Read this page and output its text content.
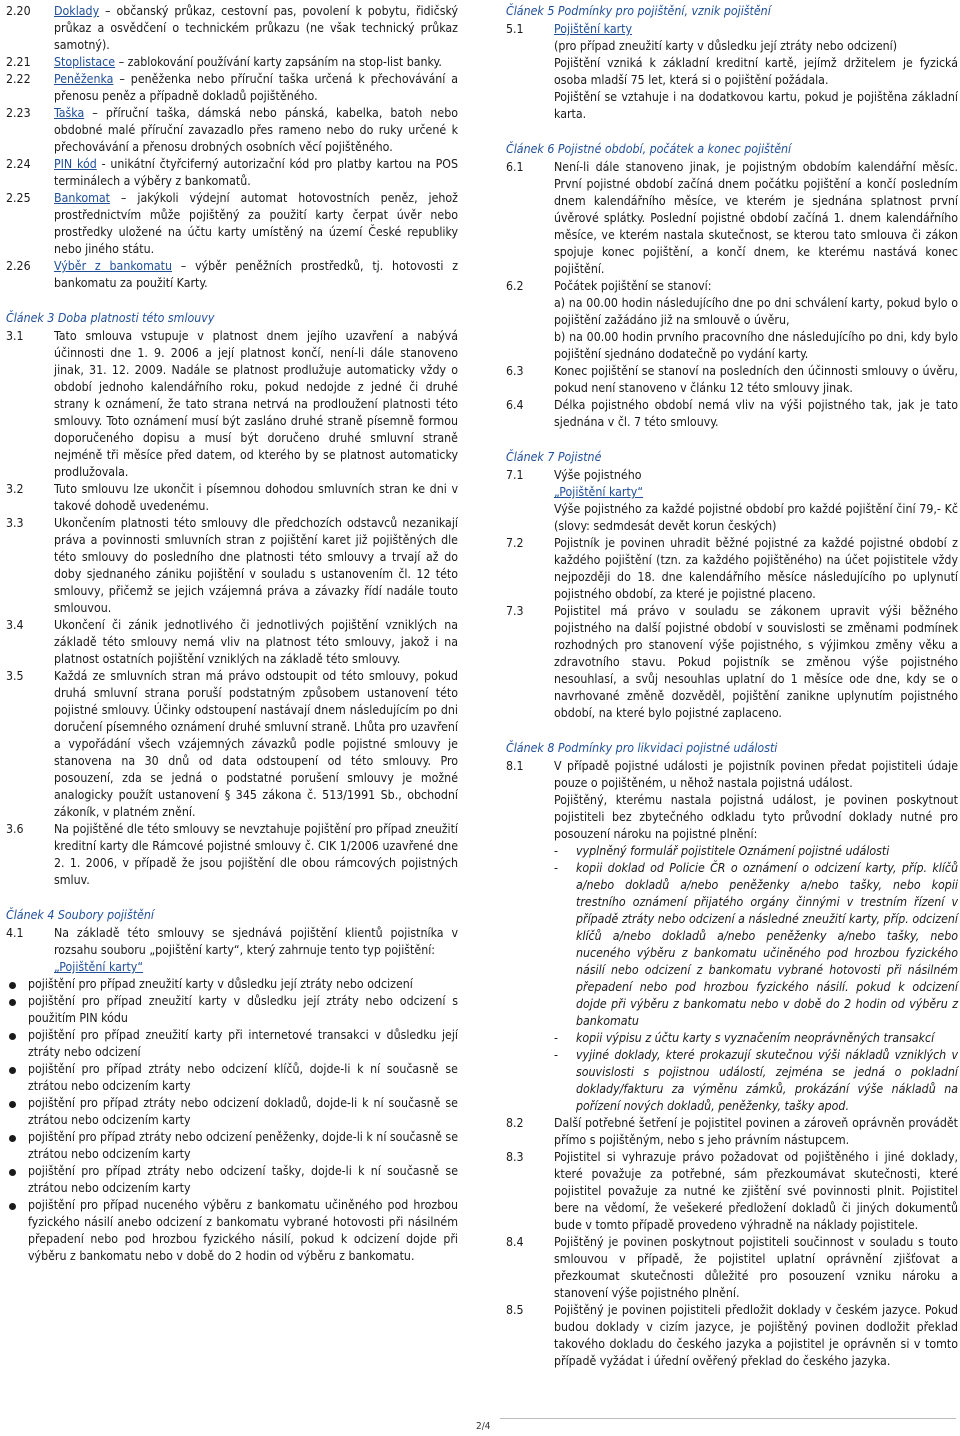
2.20	Doklady – občanský průkaz, cestovní pas, povolení k pobytu, řidičský průkaz a osvědčení o technickém průkazu (ne však technický průkaz samotný).
2.21	Stoplistace – zablokování používání karty zapsáním na stop-list banky.
2.22	Peněženka – peněženka nebo příruční taška určená k přechovávání a přenosu peněz a případně dokladů pojištěného.
2.23	Taška – příruční taška, dámská nebo pánská, kabelka, batoh nebo obdobné malé příruční zavazadlo přes rameno nebo do ruky určené k přechovávání a přenosu drobných osobních věcí pojištěného.
2.24	PIN kód - unikátní čtyřciferný autorizační kód pro platby kartou na POS terminálech a výběry z bankomatů.
2.25	Bankomat – jakýkoli výdejní automat hotovostních peněz, jehož prostřednictvím může pojištěný za použití karty čerpat úvěr nebo prostředky uložené na účtu karty umístěný na území České republiky nebo jiného státu.
2.26	Výběr z bankomatu – výběr peněžních prostředků, tj. hotovosti z bankomatu za použití Karty.
Článek 3 Doba platnosti této smlouvy
3.1	Tato smlouva vstupuje v platnost dnem jejího uzavření a nabývá účinnosti dne 1. 9. 2006 a její platnost končí, není-li dále stanoveno jinak, 31. 12. 2009. Nadále se platnost prodlužuje automaticky vždy o období jednoho kalendářního roku, pokud nedojde z jedné či druhé strany k oznámení, že tato strana netrvá na prodloužení platnosti této smlouvy. Toto oznámení musí být zasláno druhé straně písemně formou doporučeného dopisu a musí být doručeno druhé smluvní straně nejméně tři měsíce před datem, od kterého by se platnost automaticky prodlužovala.
3.2	Tuto smlouvu lze ukončit i písemnou dohodou smluvních stran ke dni v takové dohodě uvedenému.
3.3	Ukončením platnosti této smlouvy dle předchozích odstavců nezanikají práva a povinnosti smluvních stran z pojištění karet již pojištěných dle této smlouvy do posledního dne platnosti této smlouvy a trvají až do doby sjednaného zániku pojištění v souladu s ustanovením čl. 12 této smlouvy, přičemž se jejich vzájemná práva a závazky řídí nadále touto smlouvou.
3.4	Ukončení či zánik jednotlivého či jednotlivých pojištění vzniklých na základě této smlouvy nemá vliv na platnost této smlouvy, jakož i na platnost ostatních pojištění vzniklých na základě této smlouvy.
3.5	Každá ze smluvních stran má právo odstoupit od této smlouvy, pokud druhá smluvní strana poruší podstatným způsobem ustanovení této pojistné smlouvy. Účinky odstoupení nastávají dnem následujícím po dni doručení písemného oznámení druhé smluvní straně. Lhůta pro uzavření a vypořádání všech vzájemných závazků podle pojistné smlouvy je stanovena na 30 dnů od data odstoupení od této smlouvy. Pro posouzení, zda se jedná o podstatné porušení smlouvy je možné analogicky použít ustanovení § 345 zákona č. 513/1991 Sb., obchodní zákoník, v platném znění.
3.6	Na pojištěné dle této smlouvy se nevztahuje pojištění pro případ zneužití kreditní karty dle Rámcové pojistné smlouvy č. CIK 1/2006 uzavřené dne 2. 1. 2006, v případě že jsou pojištění dle obou rámcových pojistných smluv.
Článek 4 Soubory pojištění
4.1	Na základě této smlouvy se sjednává pojištění klientů pojistníka v rozsahu souboru „pojištění karty“, který zahrnuje tento typ pojištění:

„Pojištění karty“

pojištění pro případ zneužití karty v důsledku její ztráty nebo odcizení
pojištění pro případ zneužití karty v důsledku její ztráty nebo odcizení s použitím PIN kódu
pojištění pro případ zneužití karty při internetové transakci v důsledku její ztráty nebo odcizení
pojištění pro případ ztráty nebo odcizení klíčů, dojde-li k ní současně se ztrátou nebo odcizením karty
pojištění pro případ ztráty nebo odcizení dokladů, dojde-li k ní současně se ztrátou nebo odcizením karty
pojištění pro případ ztráty nebo odcizení peněženky, dojde-li k ní současně se ztrátou nebo odcizením karty
pojištění pro případ ztráty nebo odcizení tašky, dojde-li k ní současně se ztrátou nebo odcizením karty
pojištění pro případ nuceného výběru z bankomatu učiněného pod hrozbou fyzického násilí anebo odcizení z bankomatu vybrané hotovosti při násilném přepadení nebo pod hrozbou fyzického násilí, pokud k odcizení dojde při výběru z bankomatu nebo v době do 2 hodin od výběru z bankomatu.
Článek 5 Podmínky pro pojištění, vznik pojištění
5.1	Pojištění karty

(pro případ zneužití karty v důsledku její ztráty nebo odcizení)

Pojištění vzniká k základní kreditní kartě, jejímž držitelem je fyzická osoba mladší 75 let, která si o pojištění požádala.

Pojištění se vztahuje i na dodatkovou kartu, pokud je pojištěna základní karta.

Článek 6 Pojistné období, počátek a konec pojištění
6.1	Není-li dále stanoveno jinak, je pojistným obdobím kalendářní měsíc. První pojistné období začíná dnem počátku pojištění a končí posledním dnem kalendářního měsíce, ve kterém je sjednána splatnost první úvěrové splátky. Poslední pojistné období začíná 1. dnem kalendářního měsíce, ve kterém nastala skutečnost, se kterou tato smlouva či zákon spojuje konec pojištění, a končí dnem, ke kterému nastává konec pojištění.
6.2	Počátek pojištění se stanoví:

a) na 00.00 hodin následujícího dne po dni schválení karty, pokud bylo o pojištění zažádáno již na smlouvě o úvěru,

b) na 00.00 hodin prvního pracovního dne následujícího po dni, kdy bylo pojištění sjednáno dodatečně po vydání karty.

6.3	Konec pojištění se stanoví na posledních den účinnosti smlouvy o úvěru, pokud není stanoveno v článku 12 této smlouvy jinak.
6.4	Délka pojistného období nemá vliv na výši pojistného tak, jak je tato sjednána v čl. 7 této smlouvy.
Článek 7 Pojistné
7.1	Výše pojistného

„Pojištění karty“

Výše pojistného za každé pojistné období pro každé pojištění činí 79,- Kč (slovy: sedmdesát devět korun českých)

7.2	Pojistník je povinen uhradit běžné pojistné za každé pojistné období z každého pojištění (tzn. za každého pojištěného) na účet pojistitele vždy nejpozději do 18. dne kalendářního měsíce následujícího po uplynutí pojistného období, za které je pojistné placeno.
7.3	Pojistitel má právo v souladu se zákonem upravit výši běžného pojistného na další pojistné období v souvislosti se změnami podmínek rozhodných pro stanovení výše pojistného, s výjimkou změny věku a zdravotního stavu. Pokud pojistník se změnou výše pojistného nesouhlasí, a svůj nesouhlas uplatní do 1 měsíce ode dne, kdy se o navrhované změně dozvěděl, pojištění zanikne uplynutím pojistného období, na které bylo pojistné zaplaceno.
Článek 8 Podmínky pro likvidaci pojistné události
8.1	V případě pojistné události je pojistník povinen předat pojistiteli údaje pouze o pojištěném, u něhož nastala pojistná událost.

Pojištěný, kterému nastala pojistná událost, je povinen poskytnout pojistiteli bez zbytečného odkladu tyto průvodní doklady nutné pro posouzení nároku na pojistné plnění:

- vyplněný formulář pojistitele Oznámení pojistné události
- kopii doklad od Policie ČR o oznámení o odcizení karty, příp. klíčů a/nebo dokladů a/nebo peněženky a/nebo tašky, nebo kopii trestního oznámení přijatého orgány činnými v trestním řízení v případě ztráty nebo odcizení a následné zneužití karty, příp. odcizení klíčů a/nebo dokladů a/nebo peněženky a/nebo tašky, nebo nuceného výběru z bankomatu učiněného pod hrozbou fyzického násilí nebo odcizení z bankomatu vybrané hotovosti při násilném přepadení nebo pod hrozbou fyzického násilí. pokud k odcizení dojde při výběru z bankomatu nebo v době do 2 hodin od výběru z bankomatu
- kopii výpisu z účtu karty s vyznačením neoprávněných transakcí
- vyjiné doklady, které prokazují skutečnou výši nákladů vzniklých v souvislosti s pojistnou událostí, zejména se jedná o pokladní doklady/fakturu za výměnu zámků, prokázání výše nákladů na pořízení nových dokladů, peněženky, tašky apod.
8.2	Další potřebné šetření je pojistitel povinen a zároveň oprávněn provádět přímo s pojištěným, nebo s jeho právním nástupcem.
8.3	Pojistitel si vyhrazuje právo požadovat od pojištěného i jiné doklady, které považuje za potřebné, sám přezkoumávat skutečnosti, které pojistitel považuje za nutné ke zjištění své povinnosti plnit. Pojistitel bere na vědomí, že vešekeré předložení dokladů či jiných dokumentů bude v tomto případě provedeno výhradně na náklady pojistitele.
8.4	Pojištěný je povinen poskytnout pojistiteli součinnost v souladu s touto smlouvou v případě, že pojistitel uplatní oprávnění zjišťovat a přezkoumat skutečnosti důležité pro posouzení vzniku nároku a stanovení výše pojistného plnění.
8.5	Pojištěný je povinen pojistiteli předložit doklady v českém jazyce. Pokud budou doklady v cizím jazyce, je pojištěný povinen dodložit překlad takového dokladu do českého jazyka a pojistitel je oprávněn si v tomto případě vyžádat i úřední ověřený překlad do českého jazyka.
2/4
